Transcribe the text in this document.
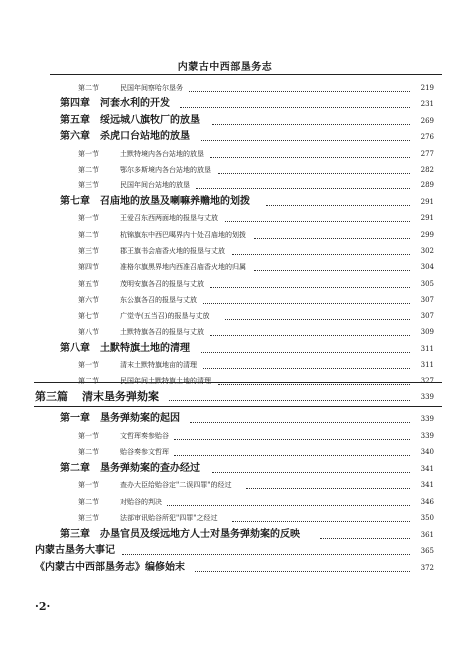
内蒙古中西部垦务志
第二节	民国年间察哈尔垦务	219
第四章 河套水利的开发	231
第五章 绥远城八旗牧厂的放垦	269
第六章 杀虎口台站地的放垦	276
第一节	土默特境内各台站地的放垦	277
第二节	鄂尔多斯境内各台站地的放垦	282
第三节	民国年间台站地的放垦	289
第七章 召庙地的放垦及喇嘛养赡地的划拨	291
第一节	王爱召东西两面地的报垦与丈放	291
第二节	杭锦旗东中西巴噶界内十处召庙地的划拨	299
第三节	郡王旗书会庙香火地的报垦与丈放	302
第四节	准格尔旗黑界地内西准召庙香火地的归属	304
第五节	茂明安旗各召的报垦与丈放	305
第六节	东公旗各召的报垦与丈放	307
第七节	广觉寺(五当召)的报垦与丈放	307
第八节	土默特旗各召的报垦与丈放	309
第八章 土默特旗土地的清理	311
第一节	清末土默特旗地亩的清理	311
第二节	民国年间土默特旗土地的清理	327
第三篇 清末垦务弹劾案	339
第一章 垦务弹劾案的起因	339
第一节	文哲珲奏参贻谷	339
第二节	贻谷奏参文哲珲	340
第二章 垦务弹劾案的查办经过	341
第一节	查办大臣给贻谷定"二误四罪"的经过	341
第二节	对贻谷的判决	346
第三节	法部审讯贻谷所犯"四罪"之经过	350
第三章 办垦官员及绥远地方人士对垦务弹劾案的反映	361
内蒙古垦务大事记	365
《内蒙古中西部垦务志》编修始末	372
·2·
